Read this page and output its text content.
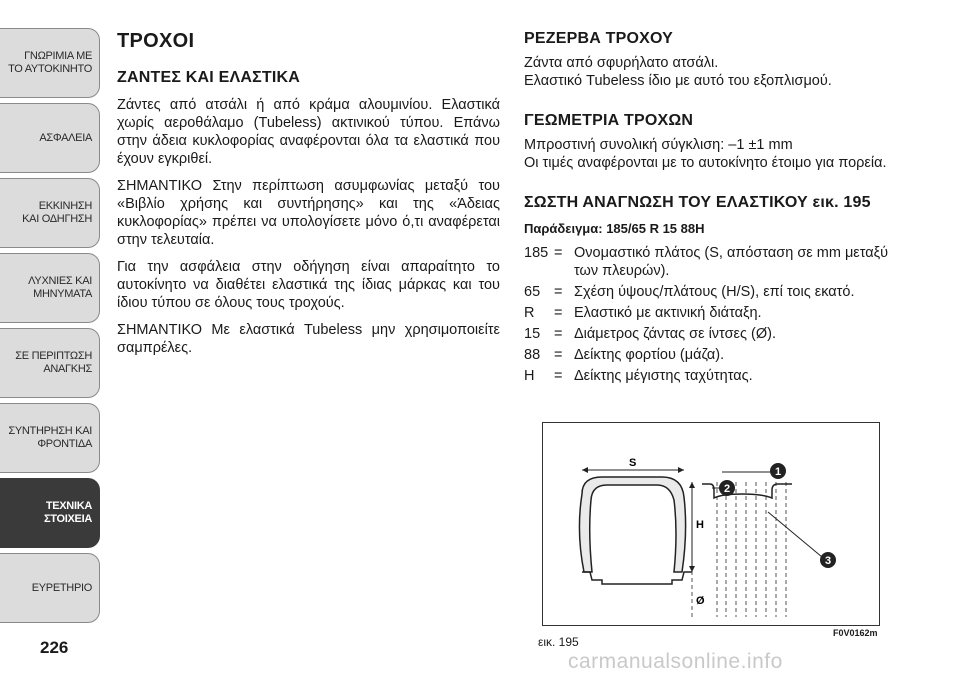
ΓΝΩΡΙΜΙΑ ΜΕ
ΤΟ ΑΥΤΟΚΙΝΗΤΟ
ΑΣΦΑΛΕΙΑ
ΕΚΚΙΝΗΣΗ
ΚΑΙ ΟΔΗΓΗΣΗ
ΛΥΧΝΙΕΣ ΚΑΙ
ΜΗΝΥΜΑΤΑ
ΣΕ ΠΕΡΙΠΤΩΣΗ
ΑΝΑΓΚΗΣ
ΣΥΝΤΗΡΗΣΗ ΚΑΙ
ΦΡΟΝΤΙΔΑ
ΤΕΧΝΙΚΑ
ΣΤΟΙΧΕΙΑ
ΕΥΡΕΤΗΡΙΟ
226
ΤΡΟΧΟΙ
ΖΑΝΤΕΣ ΚΑΙ ΕΛΑΣΤΙΚΑ

Ζάντες από ατσάλι ή από κράμα αλουμινίου. Ελαστικά χωρίς αεροθάλαμο (Tubeless) ακτινικού τύπου. Επάνω στην άδεια κυκλοφορίας αναφέρονται όλα τα ελαστικά που έχουν εγκριθεί.

ΣΗΜΑΝΤΙΚΟ Στην περίπτωση ασυμφωνίας μεταξύ του «Βιβλίο χρήσης και συντήρησης» και της «Άδειας κυκλοφορίας» πρέπει να υπολογίσετε μόνο ό,τι αναφέρεται στην τελευταία.

Για την ασφάλεια στην οδήγηση είναι απαραίτητο το αυτοκίνητο να διαθέτει ελαστικά της ίδιας μάρκας και του ίδιου τύπου σε όλους τους τροχούς.

ΣΗΜΑΝΤΙΚΟ Με ελαστικά Tubeless μην χρησιμοποιείτε σαμπρέλες.

ΡΕΖΕΡΒΑ ΤΡΟΧΟΥ

Ζάντα από σφυρήλατο ατσάλι.

Ελαστικό Tubeless ίδιο με αυτό του εξοπλισμού.

ΓΕΩΜΕΤΡΙΑ ΤΡΟΧΩΝ

Μπροστινή συνολική σύγκλιση: –1 ±1 mm

Οι τιμές αναφέρονται με το αυτοκίνητο έτοιμο για πορεία.

ΣΩΣΤΗ ΑΝΑΓΝΩΣΗ ΤΟΥ ΕΛΑΣΤΙΚΟΥ εικ. 195

Παράδειγμα: 185/65 R 15 88H

185 = Ονομαστικό πλάτος (S, απόσταση σε mm μεταξύ των πλευρών).
65 = Σχέση ύψους/πλάτους (H/S), επί τοις εκατό.
R	= Ελαστικό με ακτινική διάταξη.
15 = Διάμετρος ζάντας σε ίντσες (Ø).
88 = Δείκτης φορτίου (μάζα).
H	= Δείκτης μέγιστης ταχύτητας.
S
H
Ø
1
2
3
εικ. 195
F0V0162m
carmanualsonline.info
